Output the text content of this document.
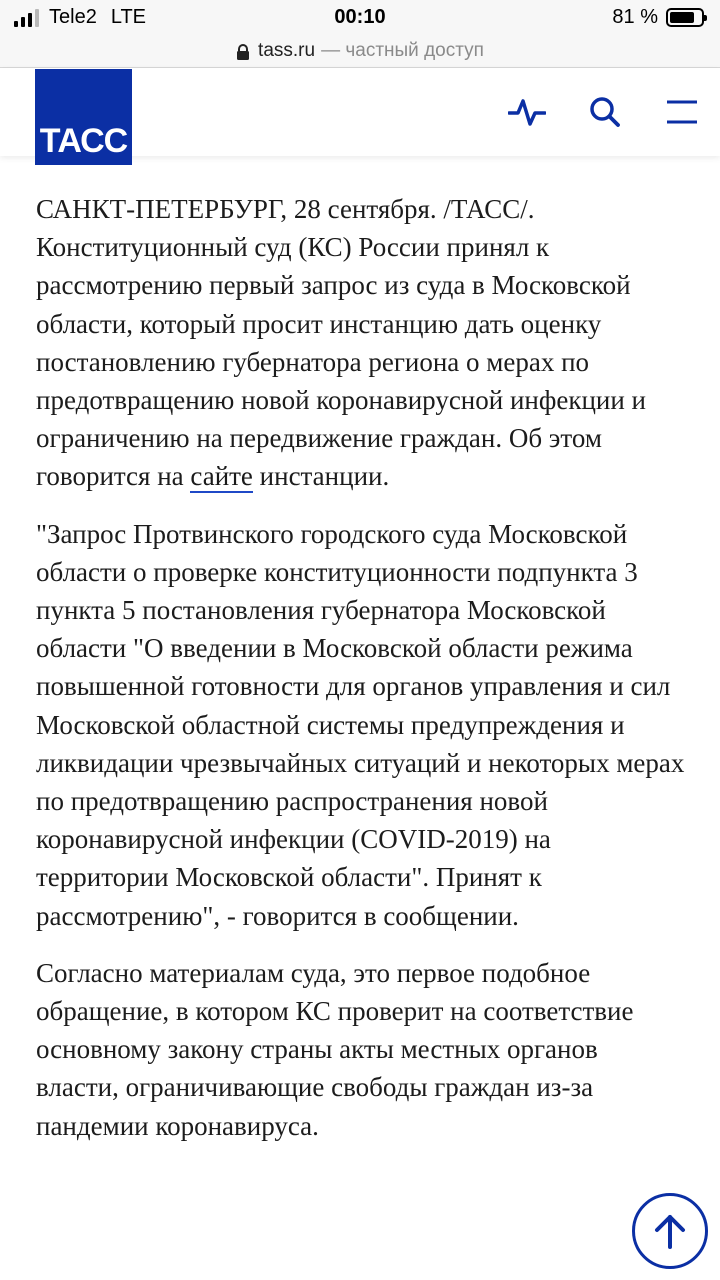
Tele2 LTE	00:10	81 %
tass.ru — частный доступ
ТАСС

САНКТ-ПЕТЕРБУРГ, 28 сентября. /ТАСС/. Конституционный суд (КС) России принял к рассмотрению первый запрос из суда в Московской области, который просит инстанцию дать оценку постановлению губернатора региона о мерах по предотвращению новой коронавирусной инфекции и ограничению на передвижение граждан. Об этом говорится на сайте инстанции.

"Запрос Протвинского городского суда Московской области о проверке конституционности подпункта 3 пункта 5 постановления губернатора Московской области "О введении в Московской области режима повышенной готовности для органов управления и сил Московской областной системы предупреждения и ликвидации чрезвычайных ситуаций и некоторых мерах по предотвращению распространения новой коронавирусной инфекции (COVID-2019) на территории Московской области". Принят к рассмотрению", - говорится в сообщении.

Согласно материалам суда, это первое подобное обращение, в котором КС проверит на соответствие основному закону страны акты местных органов власти, ограничивающие свободы граждан из-за пандемии коронавируса.
